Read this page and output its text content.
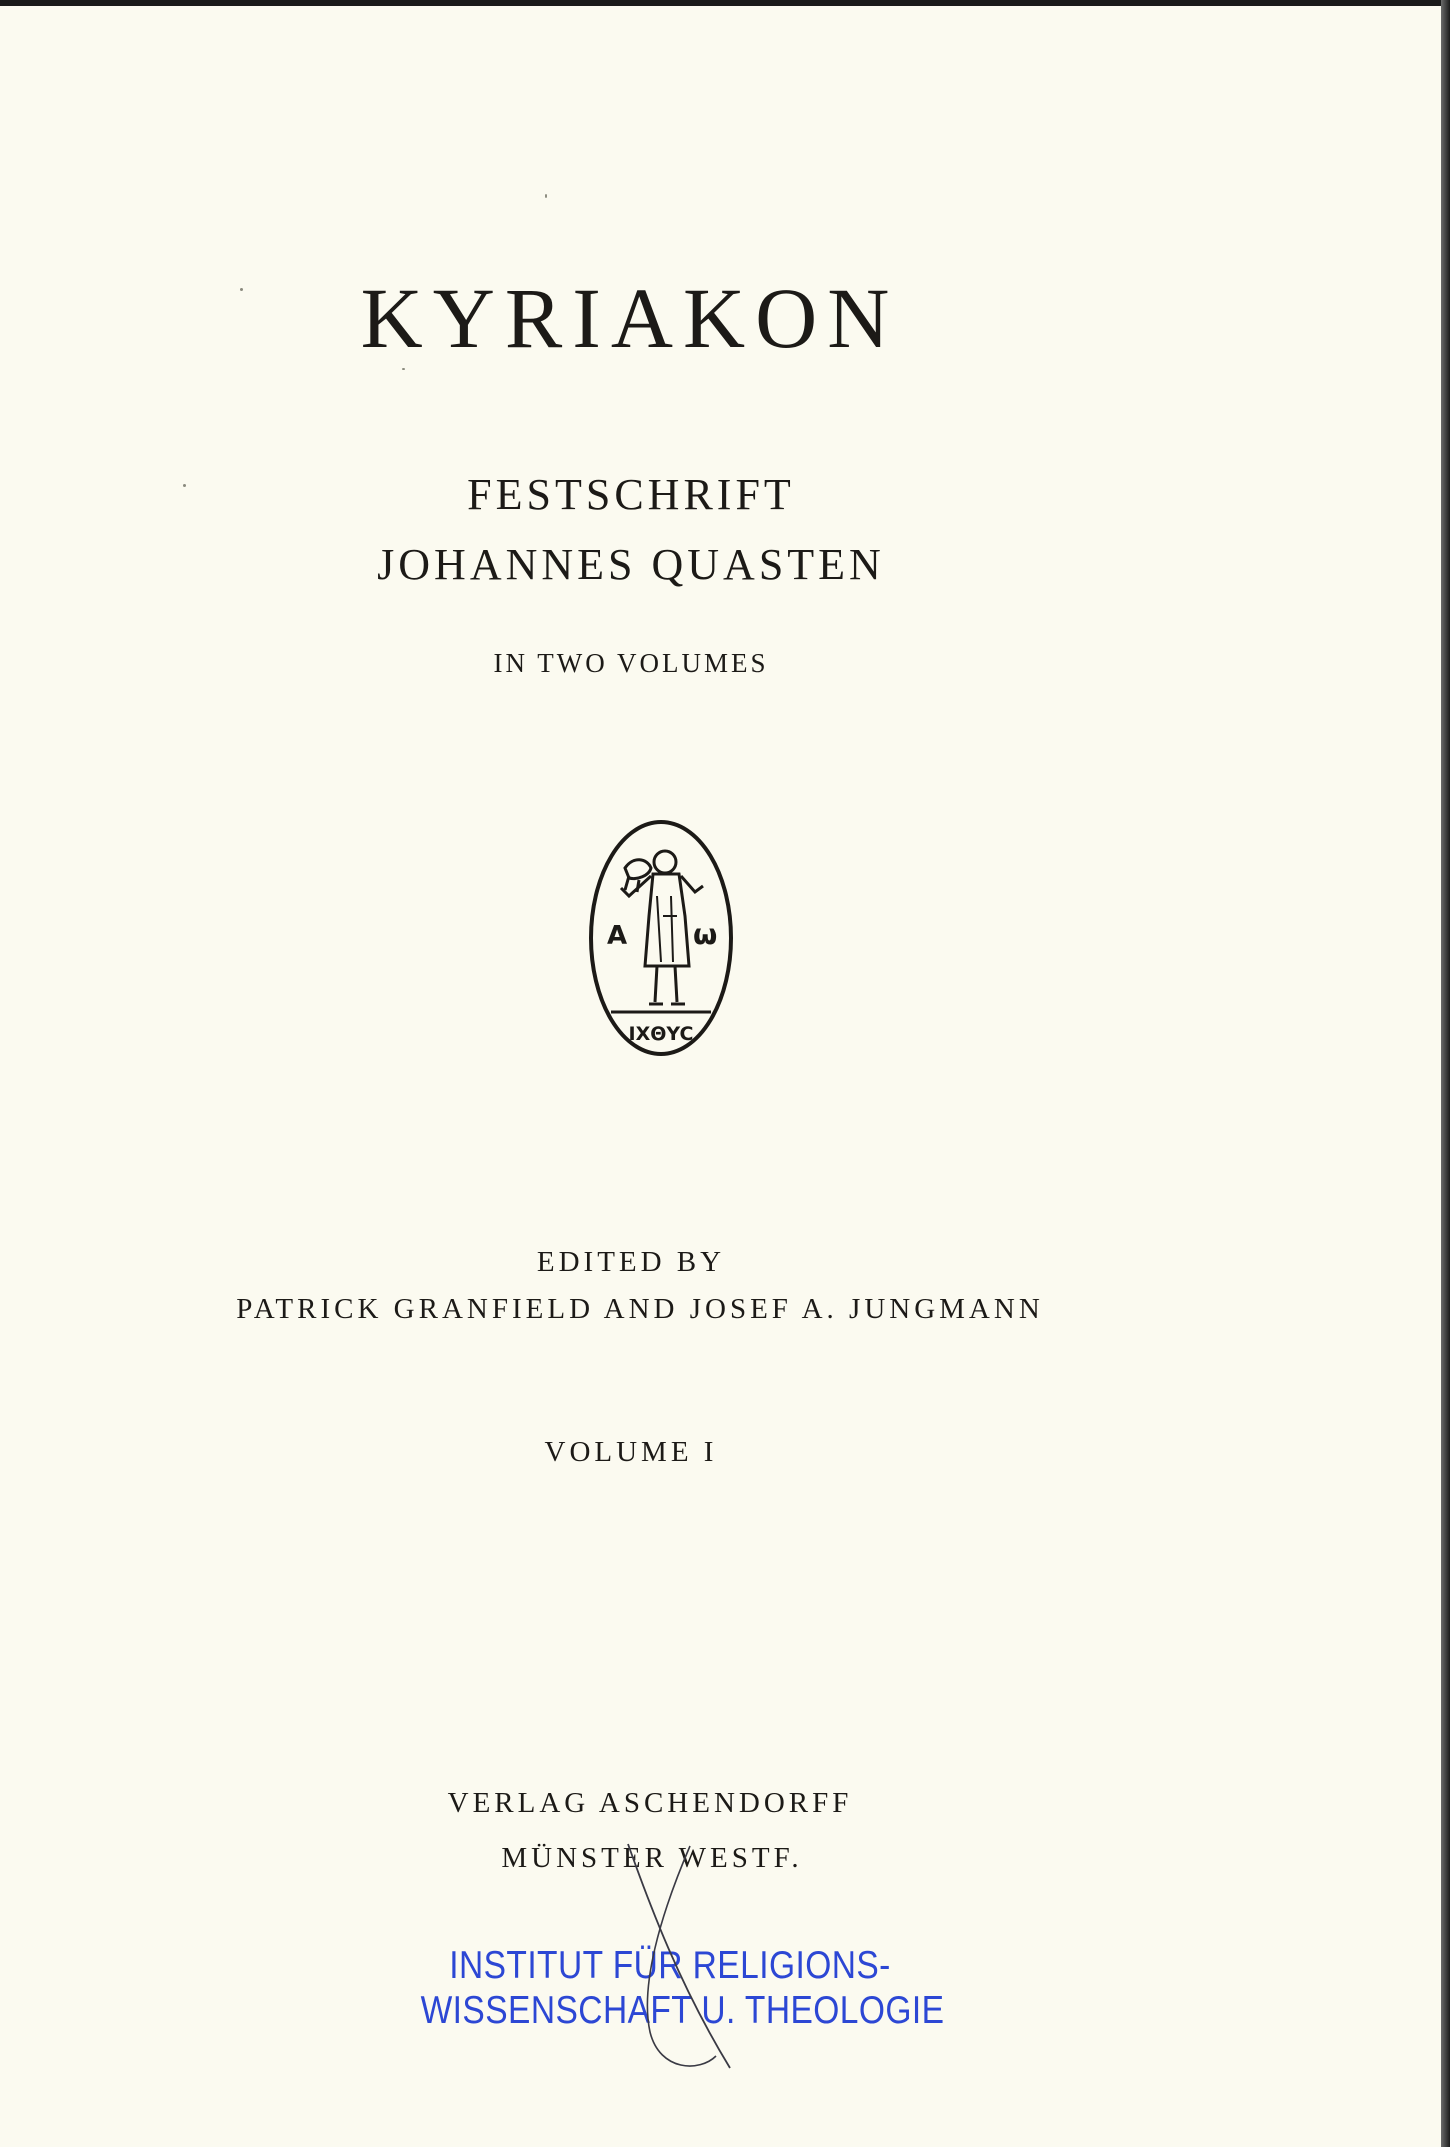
KYRIAKON
FESTSCHRIFT
JOHANNES QUASTEN
IN TWO VOLUMES
Α ω
IXΘYC
EDITED BY
PATRICK GRANFIELD AND JOSEF A. JUNGMANN
VOLUME I
VERLAG ASCHENDORFF
MÜNSTER WESTF.
INSTITUT FÜR RELIGIONS-
WISSENSCHAFT U. THEOLOGIE
